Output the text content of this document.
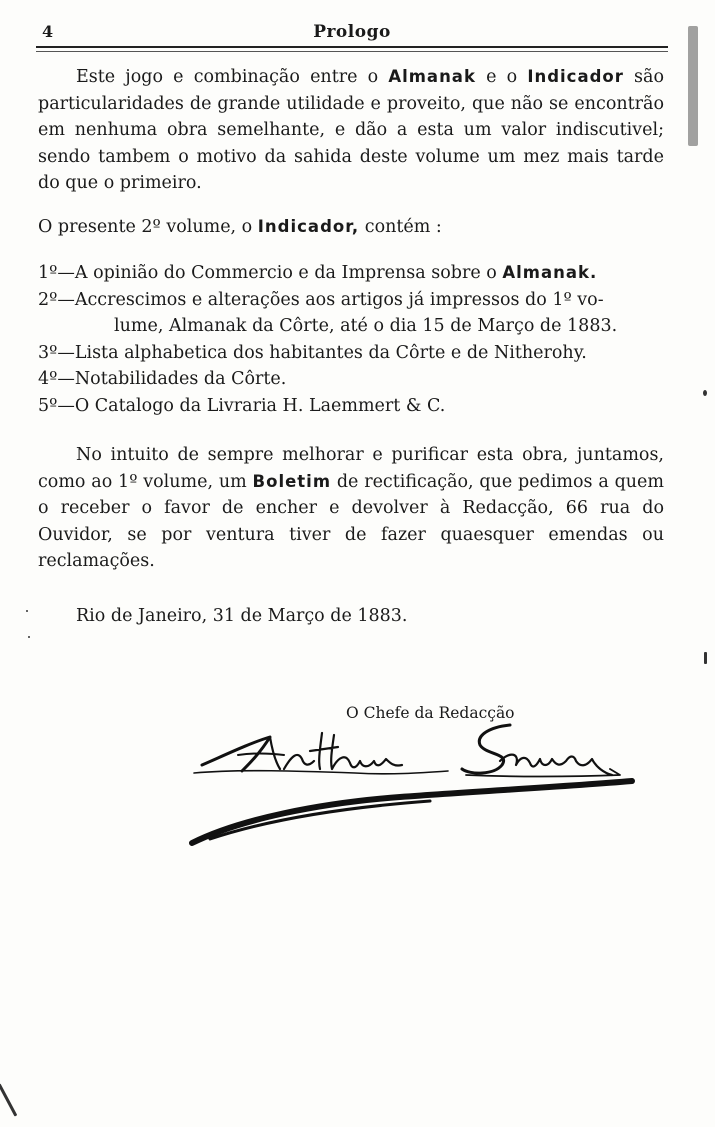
4	Prologo

Este jogo e combinação entre o Almanak e o Indicador são particularidades de grande utilidade e proveito, que não se encontrão em nenhuma obra semelhante, e dão a esta um valor indiscutivel; sendo tambem o motivo da sahida deste volume um mez mais tarde do que o primeiro.

O presente 2º volume, o Indicador, contém :

1º—A opinião do Commercio e da Imprensa sobre o Almanak.

2º—Accrescimos e alterações aos artigos já impressos do 1º vo-
lume, Almanak da Côrte, até o dia 15 de Março de 1883.

3º—Lista alphabetica dos habitantes da Côrte e de Nitherohy.

4º—Notabilidades da Côrte.

5º—O Catalogo da Livraria H. Laemmert & C.

No intuito de sempre melhorar e purificar esta obra, juntamos, como ao 1º volume, um Boletim de rectificação, que pedimos a quem o receber o favor de encher e devolver à Redacção, 66 rua do Ouvidor, se por ventura tiver de fazer quaesquer emendas ou reclamações.

Rio de Janeiro, 31 de Março de 1883.

O Chefe da Redacção
